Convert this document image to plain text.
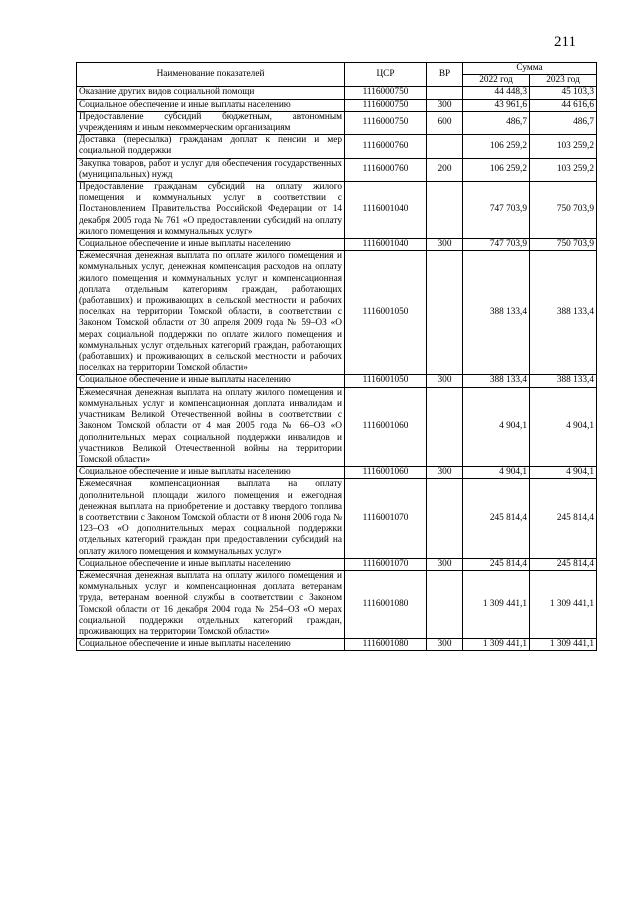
211
Наименование показателей	ЦСР	ВР	Сумма	
			2022 год	2023 год
Оказание других видов социальной помощи	1116000750		44 448,3	45 103,3
Социальное обеспечение и иные выплаты населению	1116000750	300	43 961,6	44 616,6
Предоставление субсидий бюджетным, автономным учреждениям и иным некоммерческим организациям	1116000750	600	486,7	486,7
Доставка (пересылка) гражданам доплат к пенсии и мер социальной поддержки	1116000760		106 259,2	103 259,2
Закупка товаров, работ и услуг для обеспечения государственных (муниципальных) нужд	1116000760	200	106 259,2	103 259,2
Предоставление гражданам субсидий на оплату жилого помещения и коммунальных услуг в соответствии с Постановлением Правительства Российской Федерации от 14 декабря 2005 года № 761 «О предоставлении субсидий на оплату жилого помещения и коммунальных услуг»	1116001040		747 703,9	750 703,9
Социальное обеспечение и иные выплаты населению	1116001040	300	747 703,9	750 703,9
Ежемесячная денежная выплата по оплате жилого помещения и коммунальных услуг, денежная компенсация расходов на оплату жилого помещения и коммунальных услуг и компенсационная доплата отдельным категориям граждан, работающих (работавших) и проживающих в сельской местности и рабочих поселках на территории Томской области, в соответствии с Законом Томской области от 30 апреля 2009 года № 59–ОЗ «О мерах социальной поддержки по оплате жилого помещения и коммунальных услуг отдельных категорий граждан, работающих (работавших) и проживающих в сельской местности и рабочих поселках на территории Томской области»	1116001050		388 133,4	388 133,4
Социальное обеспечение и иные выплаты населению	1116001050	300	388 133,4	388 133,4
Ежемесячная денежная выплата на оплату жилого помещения и коммунальных услуг и компенсационная доплата инвалидам и участникам Великой Отечественной войны в соответствии с Законом Томской области от 4 мая 2005 года № 66–ОЗ «О дополнительных мерах социальной поддержки инвалидов и участников Великой Отечественной войны на территории Томской области»	1116001060		4 904,1	4 904,1
Социальное обеспечение и иные выплаты населению	1116001060	300	4 904,1	4 904,1
Ежемесячная компенсационная выплата на оплату дополнительной площади жилого помещения и ежегодная денежная выплата на приобретение и доставку твердого топлива в соответствии с Законом Томской области от 8 июня 2006 года № 123–ОЗ «О дополнительных мерах социальной поддержки отдельных категорий граждан при предоставлении субсидий на оплату жилого помещения и коммунальных услуг»	1116001070		245 814,4	245 814,4
Социальное обеспечение и иные выплаты населению	1116001070	300	245 814,4	245 814,4
Ежемесячная денежная выплата на оплату жилого помещения и коммунальных услуг и компенсационная доплата ветеранам труда, ветеранам военной службы в соответствии с Законом Томской области от 16 декабря 2004 года № 254–ОЗ «О мерах социальной поддержки отдельных категорий граждан, проживающих на территории Томской области»	1116001080		1 309 441,1	1 309 441,1
Социальное обеспечение и иные выплаты населению	1116001080	300	1 309 441,1	1 309 441,1
